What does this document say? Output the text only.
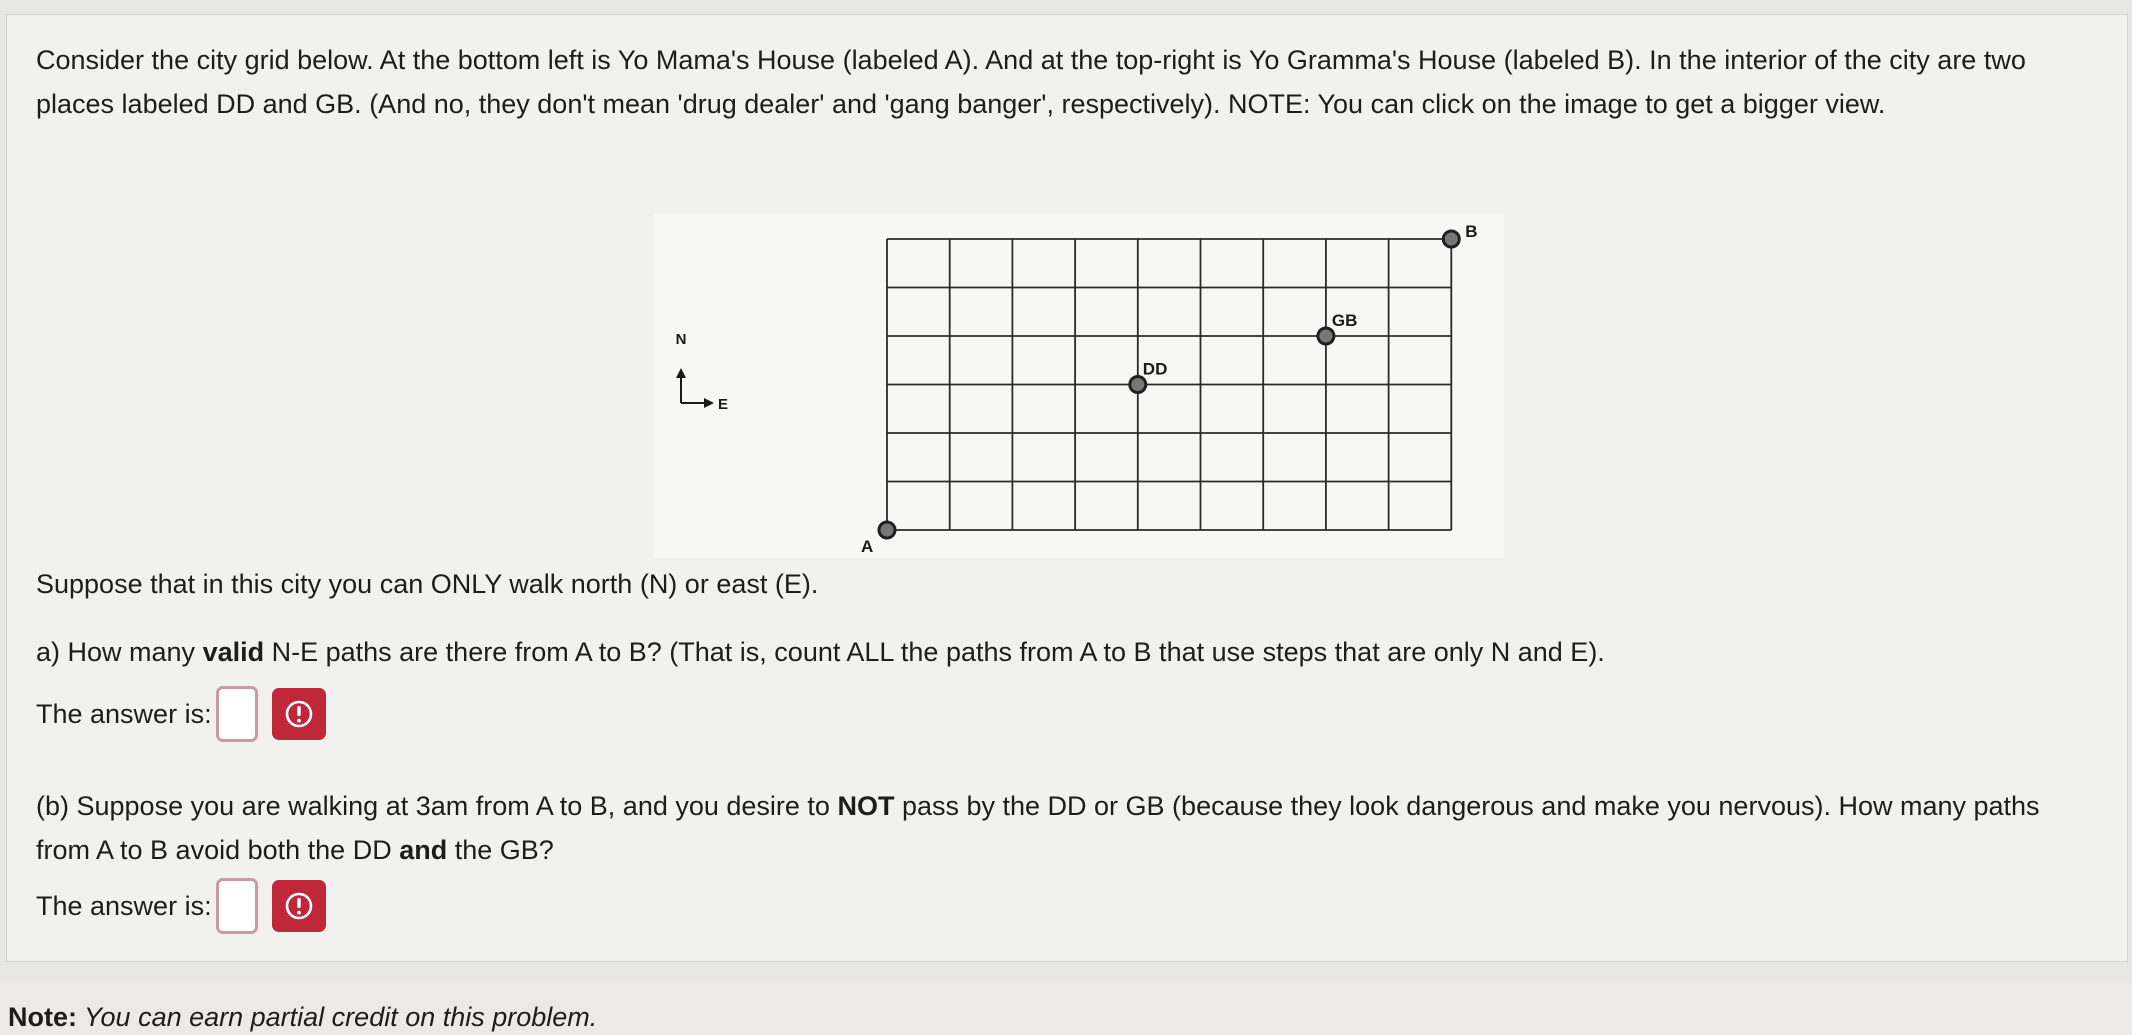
Consider the city grid below. At the bottom left is Yo Mama's House (labeled A). And at the top-right is Yo Gramma's House (labeled B). In the interior of the city are two places labeled DD and GB. (And no, they don't mean 'drug dealer' and 'gang banger', respectively). NOTE: You can click on the image to get a bigger view.

A
B
DD
GB
N
E

Suppose that in this city you can ONLY walk north (N) or east (E).

a) How many valid N-E paths are there from A to B? (That is, count ALL the paths from A to B that use steps that are only N and E).

The answer is:

(b) Suppose you are walking at 3am from A to B, and you desire to NOT pass by the DD or GB (because they look dangerous and make you nervous). How many paths from A to B avoid both the DD and the GB?

The answer is:
Note: You can earn partial credit on this problem.
